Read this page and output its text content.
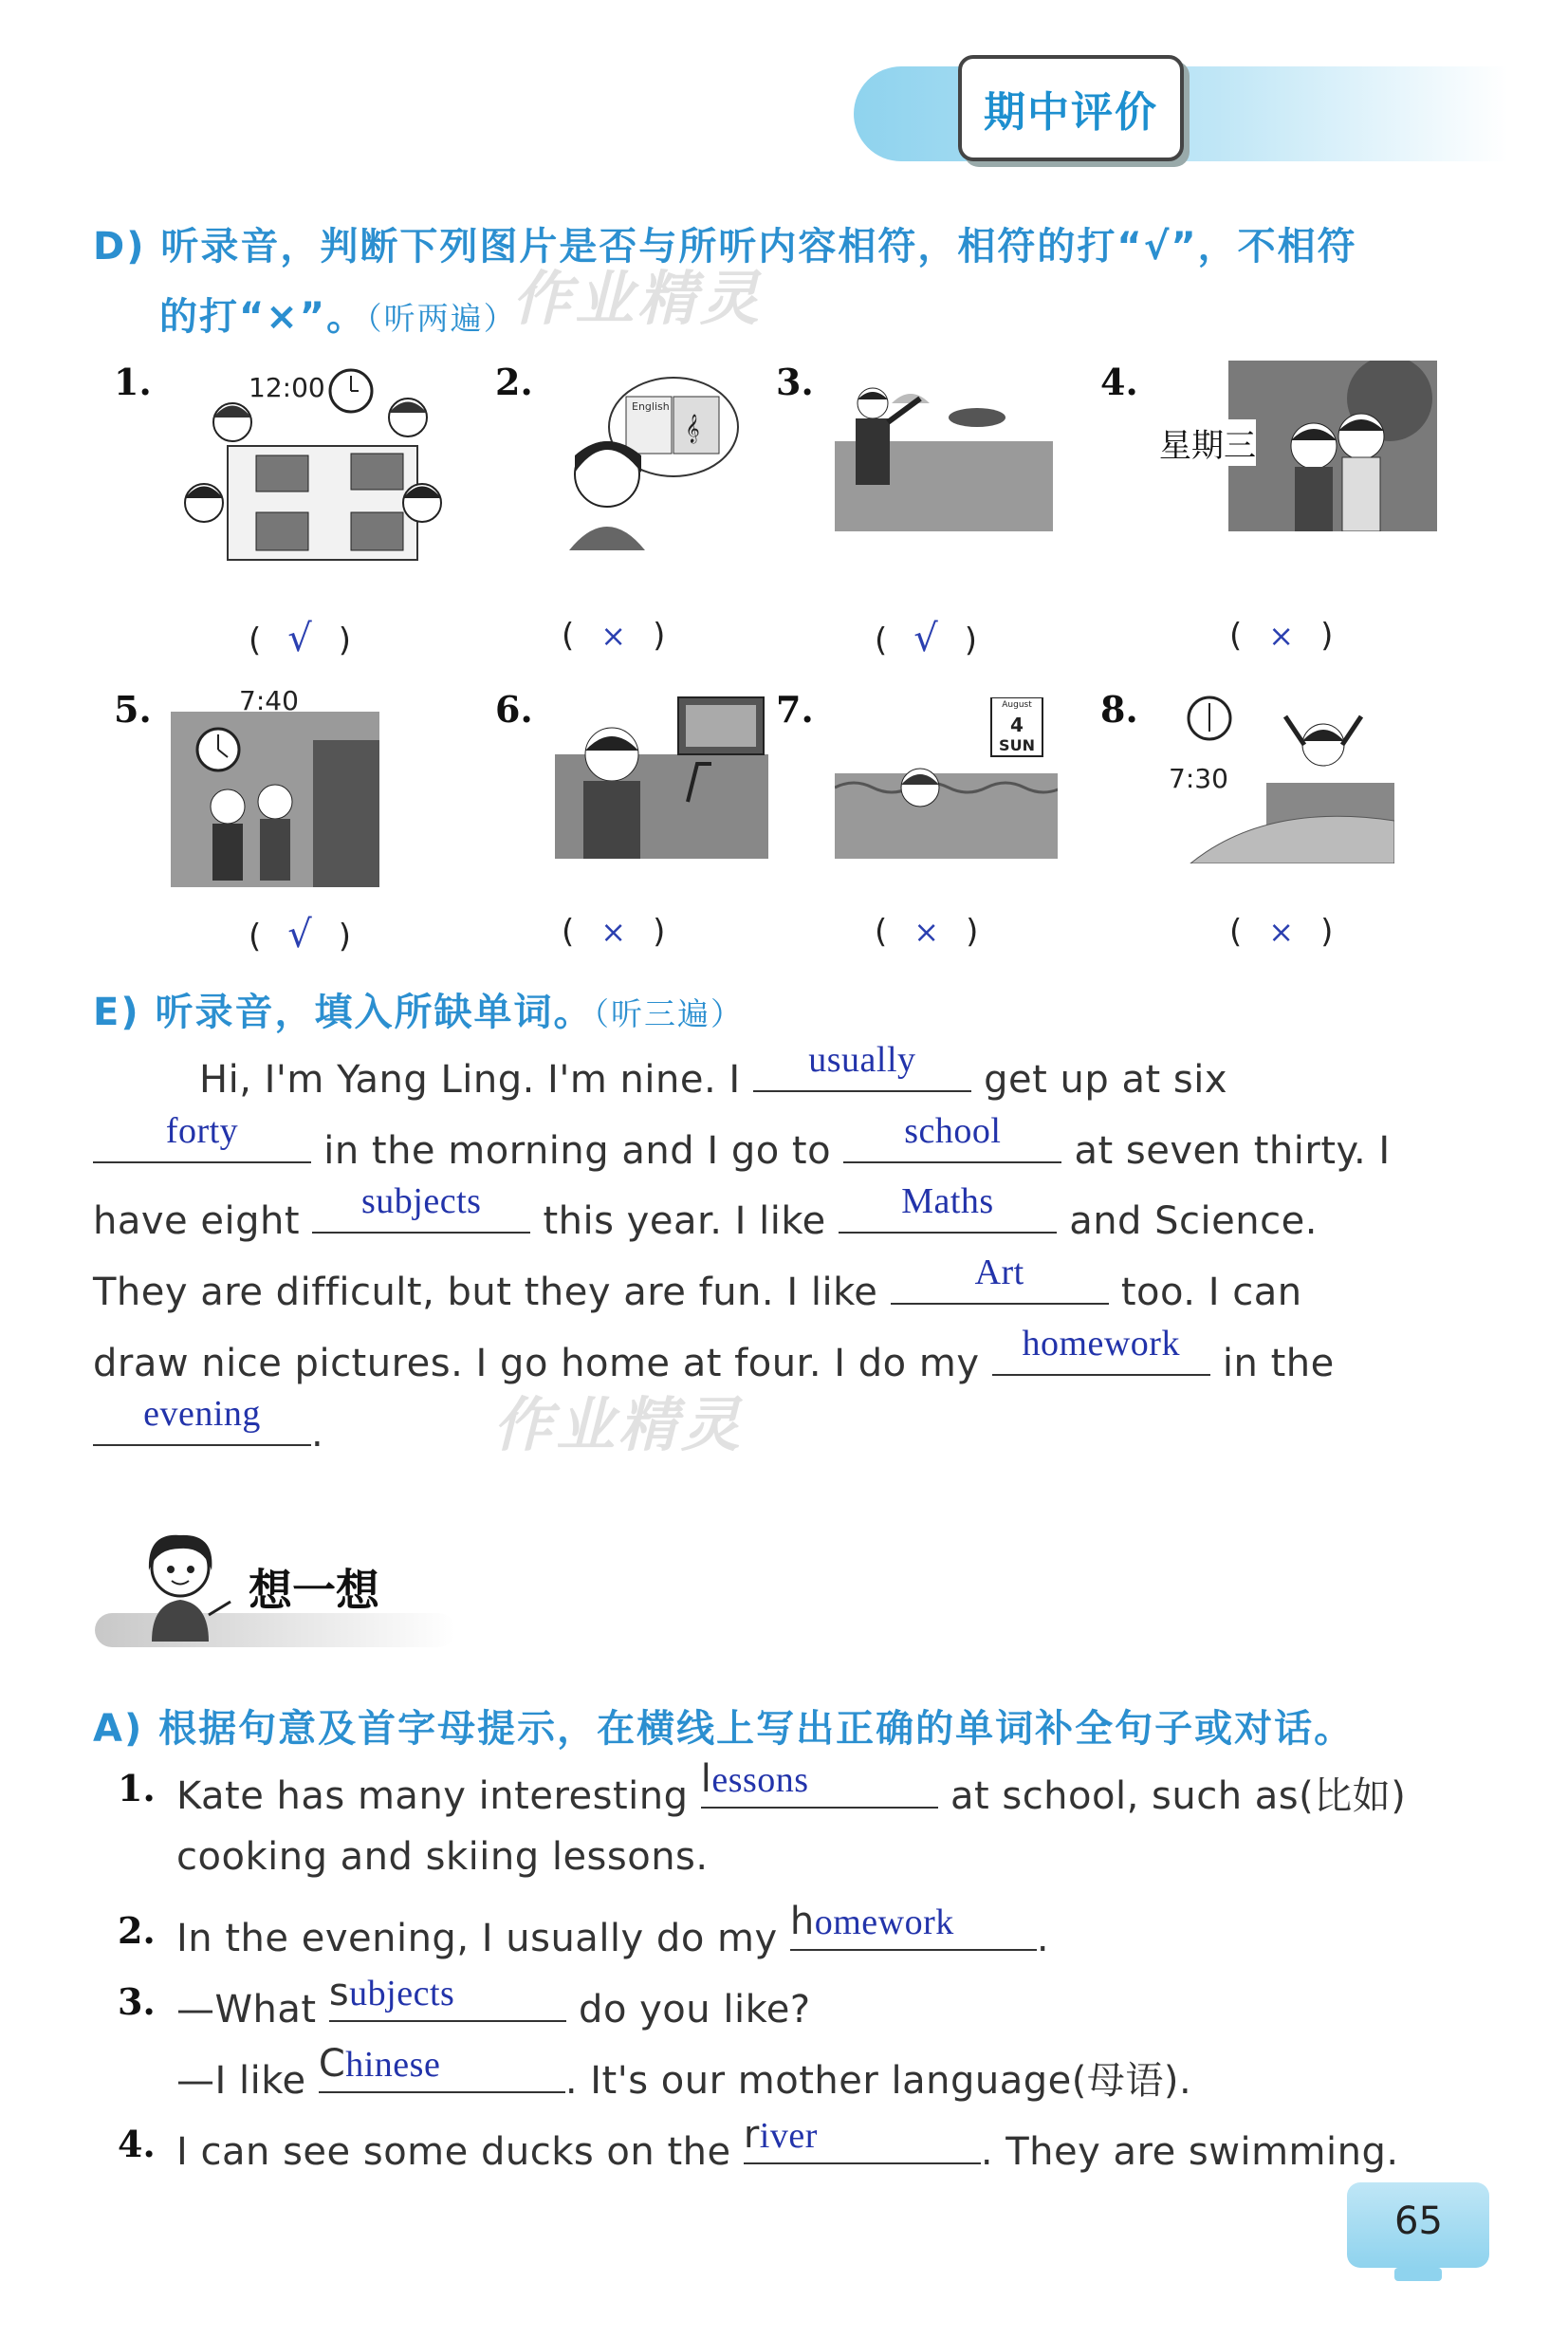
期中评价
D) 听录音，判断下列图片是否与所听内容相符，相符的打“√”，不相符
的打“×”。（听两遍）
作业精灵
1.	2.	3.	4.
12:00
𝄞
English
星期三
( √ )	( × )	( √ )	( × )
5.	6.	7.	8.
7:40	August
4
SUN
7:30
( √ )	( × )	( × )	( × )
E) 听录音，填入所缺单词。（听三遍）
Hi, I'm Yang Ling. I'm nine. I	usually	get up at six
forty	in the morning and I go to	school	at seven thirty. I
have eight	subjects	this year. I like	Maths	and Science.
They are difficult, but they are fun. I like	Art	too. I can
draw nice pictures. I go home at four. I do my	homework	in the
evening	.	作业精灵
想一想
A) 根据句意及首字母提示，在横线上写出正确的单词补全句子或对话。
1. Kate has many interesting lessons	at school, such as(比如)
cooking and skiing lessons.
2. In the evening, I usually do my homework .
3. —What subjects	do you like?
—I like Chinese	. It's our mother language(母语).
4. I can see some ducks on the river	. They are swimming.
65
